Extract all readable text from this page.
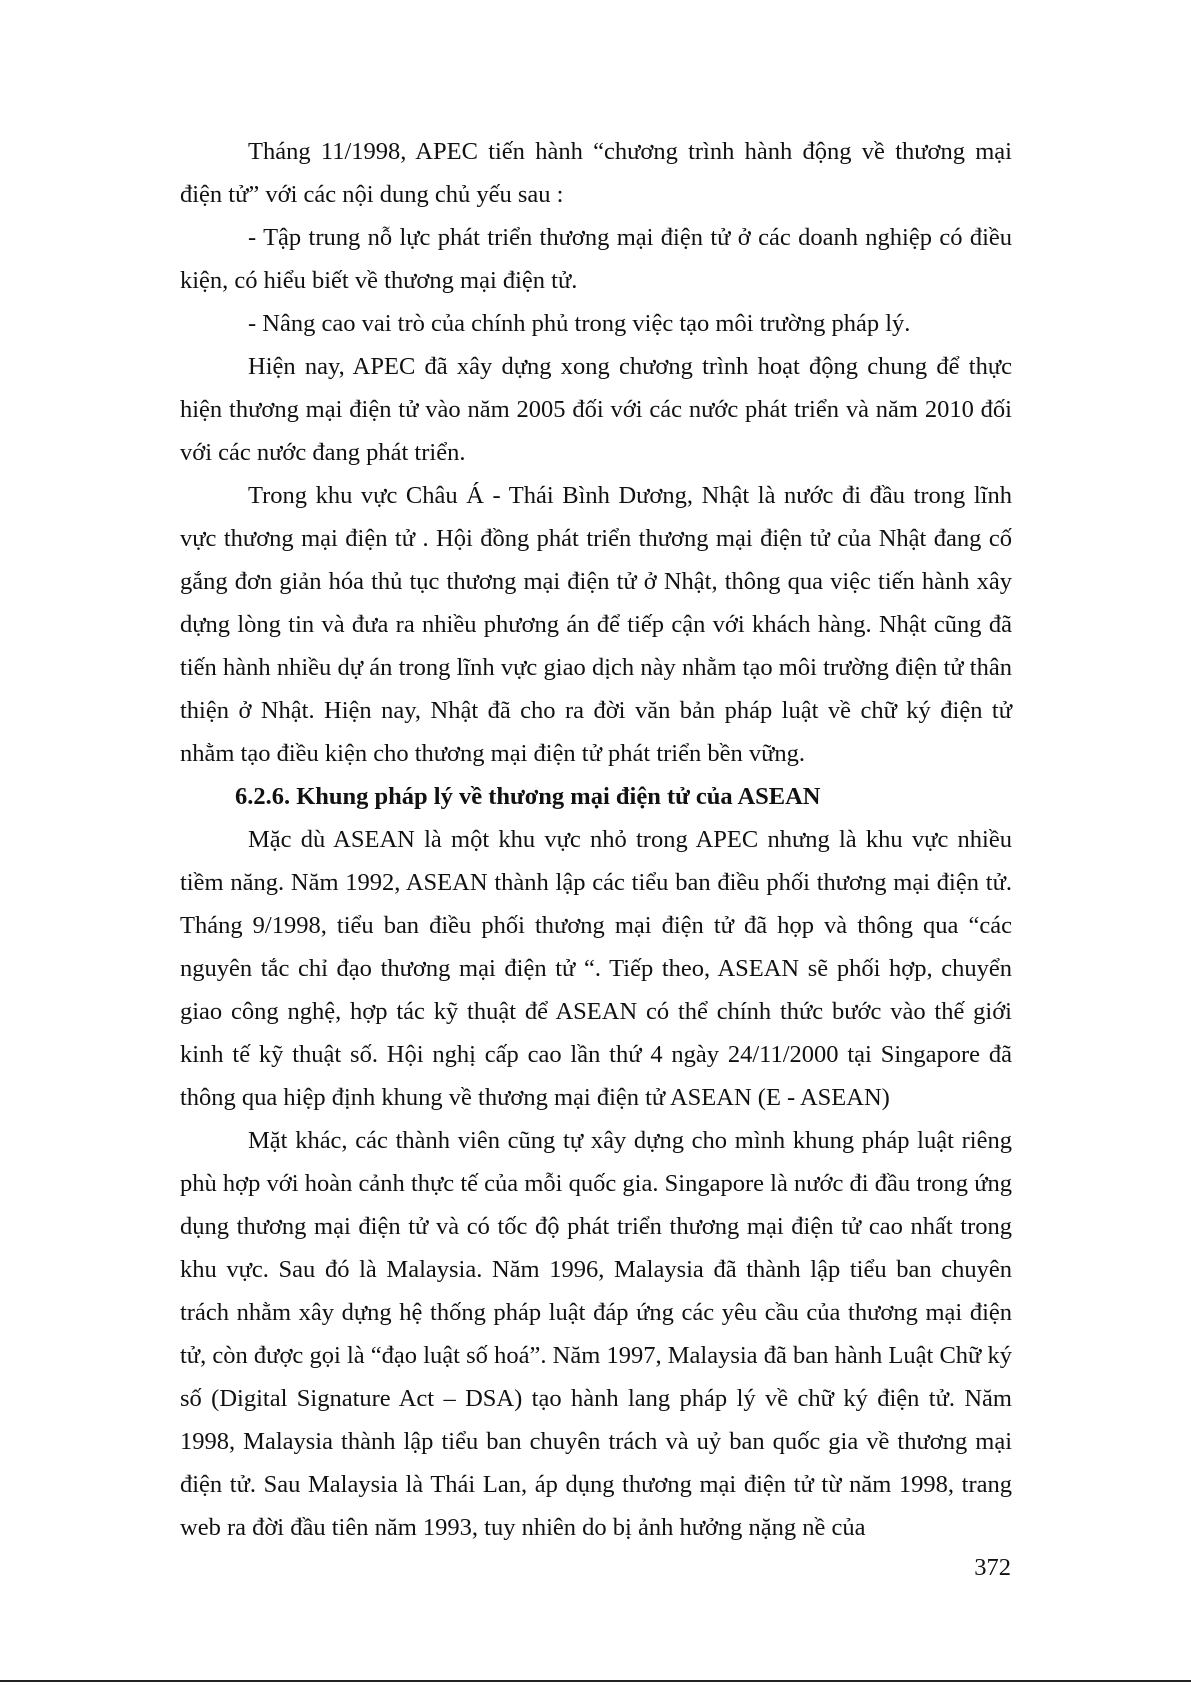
Tháng 11/1998, APEC tiến hành “chương trình hành động về thương mại điện tử” với các nội dung chủ yếu sau :

- Tập trung nỗ lực phát triển thương mại điện tử ở các doanh nghiệp có điều kiện, có hiểu biết về thương mại điện tử.

- Nâng cao vai trò của chính phủ trong việc tạo môi trường pháp lý.

Hiện nay, APEC đã xây dựng xong chương trình hoạt động chung để thực hiện thương mại điện tử vào năm 2005 đối với các nước phát triển và năm 2010 đối với các nước đang phát triển.

Trong khu vực Châu Á - Thái Bình Dương, Nhật là nước đi đầu trong lĩnh vực thương mại điện tử . Hội đồng phát triển thương mại điện tử của Nhật đang cố gắng đơn giản hóa thủ tục thương mại điện tử ở Nhật, thông qua việc tiến hành xây dựng lòng tin và đưa ra nhiều phương án để tiếp cận với khách hàng. Nhật cũng đã tiến hành nhiều dự án trong lĩnh vực giao dịch này nhằm tạo môi trường điện tử thân thiện ở Nhật. Hiện nay, Nhật đã cho ra đời văn bản pháp luật về chữ ký điện tử nhằm tạo điều kiện cho thương mại điện tử phát triển bền vững.

6.2.6. Khung pháp lý về thương mại điện tử của ASEAN

Mặc dù ASEAN là một khu vực nhỏ trong APEC nhưng là khu vực nhiều tiềm năng. Năm 1992, ASEAN thành lập các tiểu ban điều phối thương mại điện tử. Tháng 9/1998, tiểu ban điều phối thương mại điện tử đã họp và thông qua “các nguyên tắc chỉ đạo thương mại điện tử “. Tiếp theo, ASEAN sẽ phối hợp, chuyển giao công nghệ, hợp tác kỹ thuật để ASEAN có thể chính thức bước vào thế giới kinh tế kỹ thuật số. Hội nghị cấp cao lần thứ 4 ngày 24/11/2000 tại Singapore đã thông qua hiệp định khung về thương mại điện tử ASEAN (E - ASEAN)

Mặt khác, các thành viên cũng tự xây dựng cho mình khung pháp luật riêng phù hợp với hoàn cảnh thực tế của mỗi quốc gia. Singapore là nước đi đầu trong ứng dụng thương mại điện tử và có tốc độ phát triển thương mại điện tử cao nhất trong khu vực. Sau đó là Malaysia. Năm 1996, Malaysia đã thành lập tiểu ban chuyên trách nhằm xây dựng hệ thống pháp luật đáp ứng các yêu cầu của thương mại điện tử, còn được gọi là “đạo luật số hoá”. Năm 1997, Malaysia đã ban hành Luật Chữ ký số (Digital Signature Act – DSA) tạo hành lang pháp lý về chữ ký điện tử. Năm 1998, Malaysia thành lập tiểu ban chuyên trách và uỷ ban quốc gia về thương mại điện tử. Sau Malaysia là Thái Lan, áp dụng thương mại điện tử từ năm 1998, trang web ra đời đầu tiên năm 1993, tuy nhiên do bị ảnh hưởng nặng nề của

372
